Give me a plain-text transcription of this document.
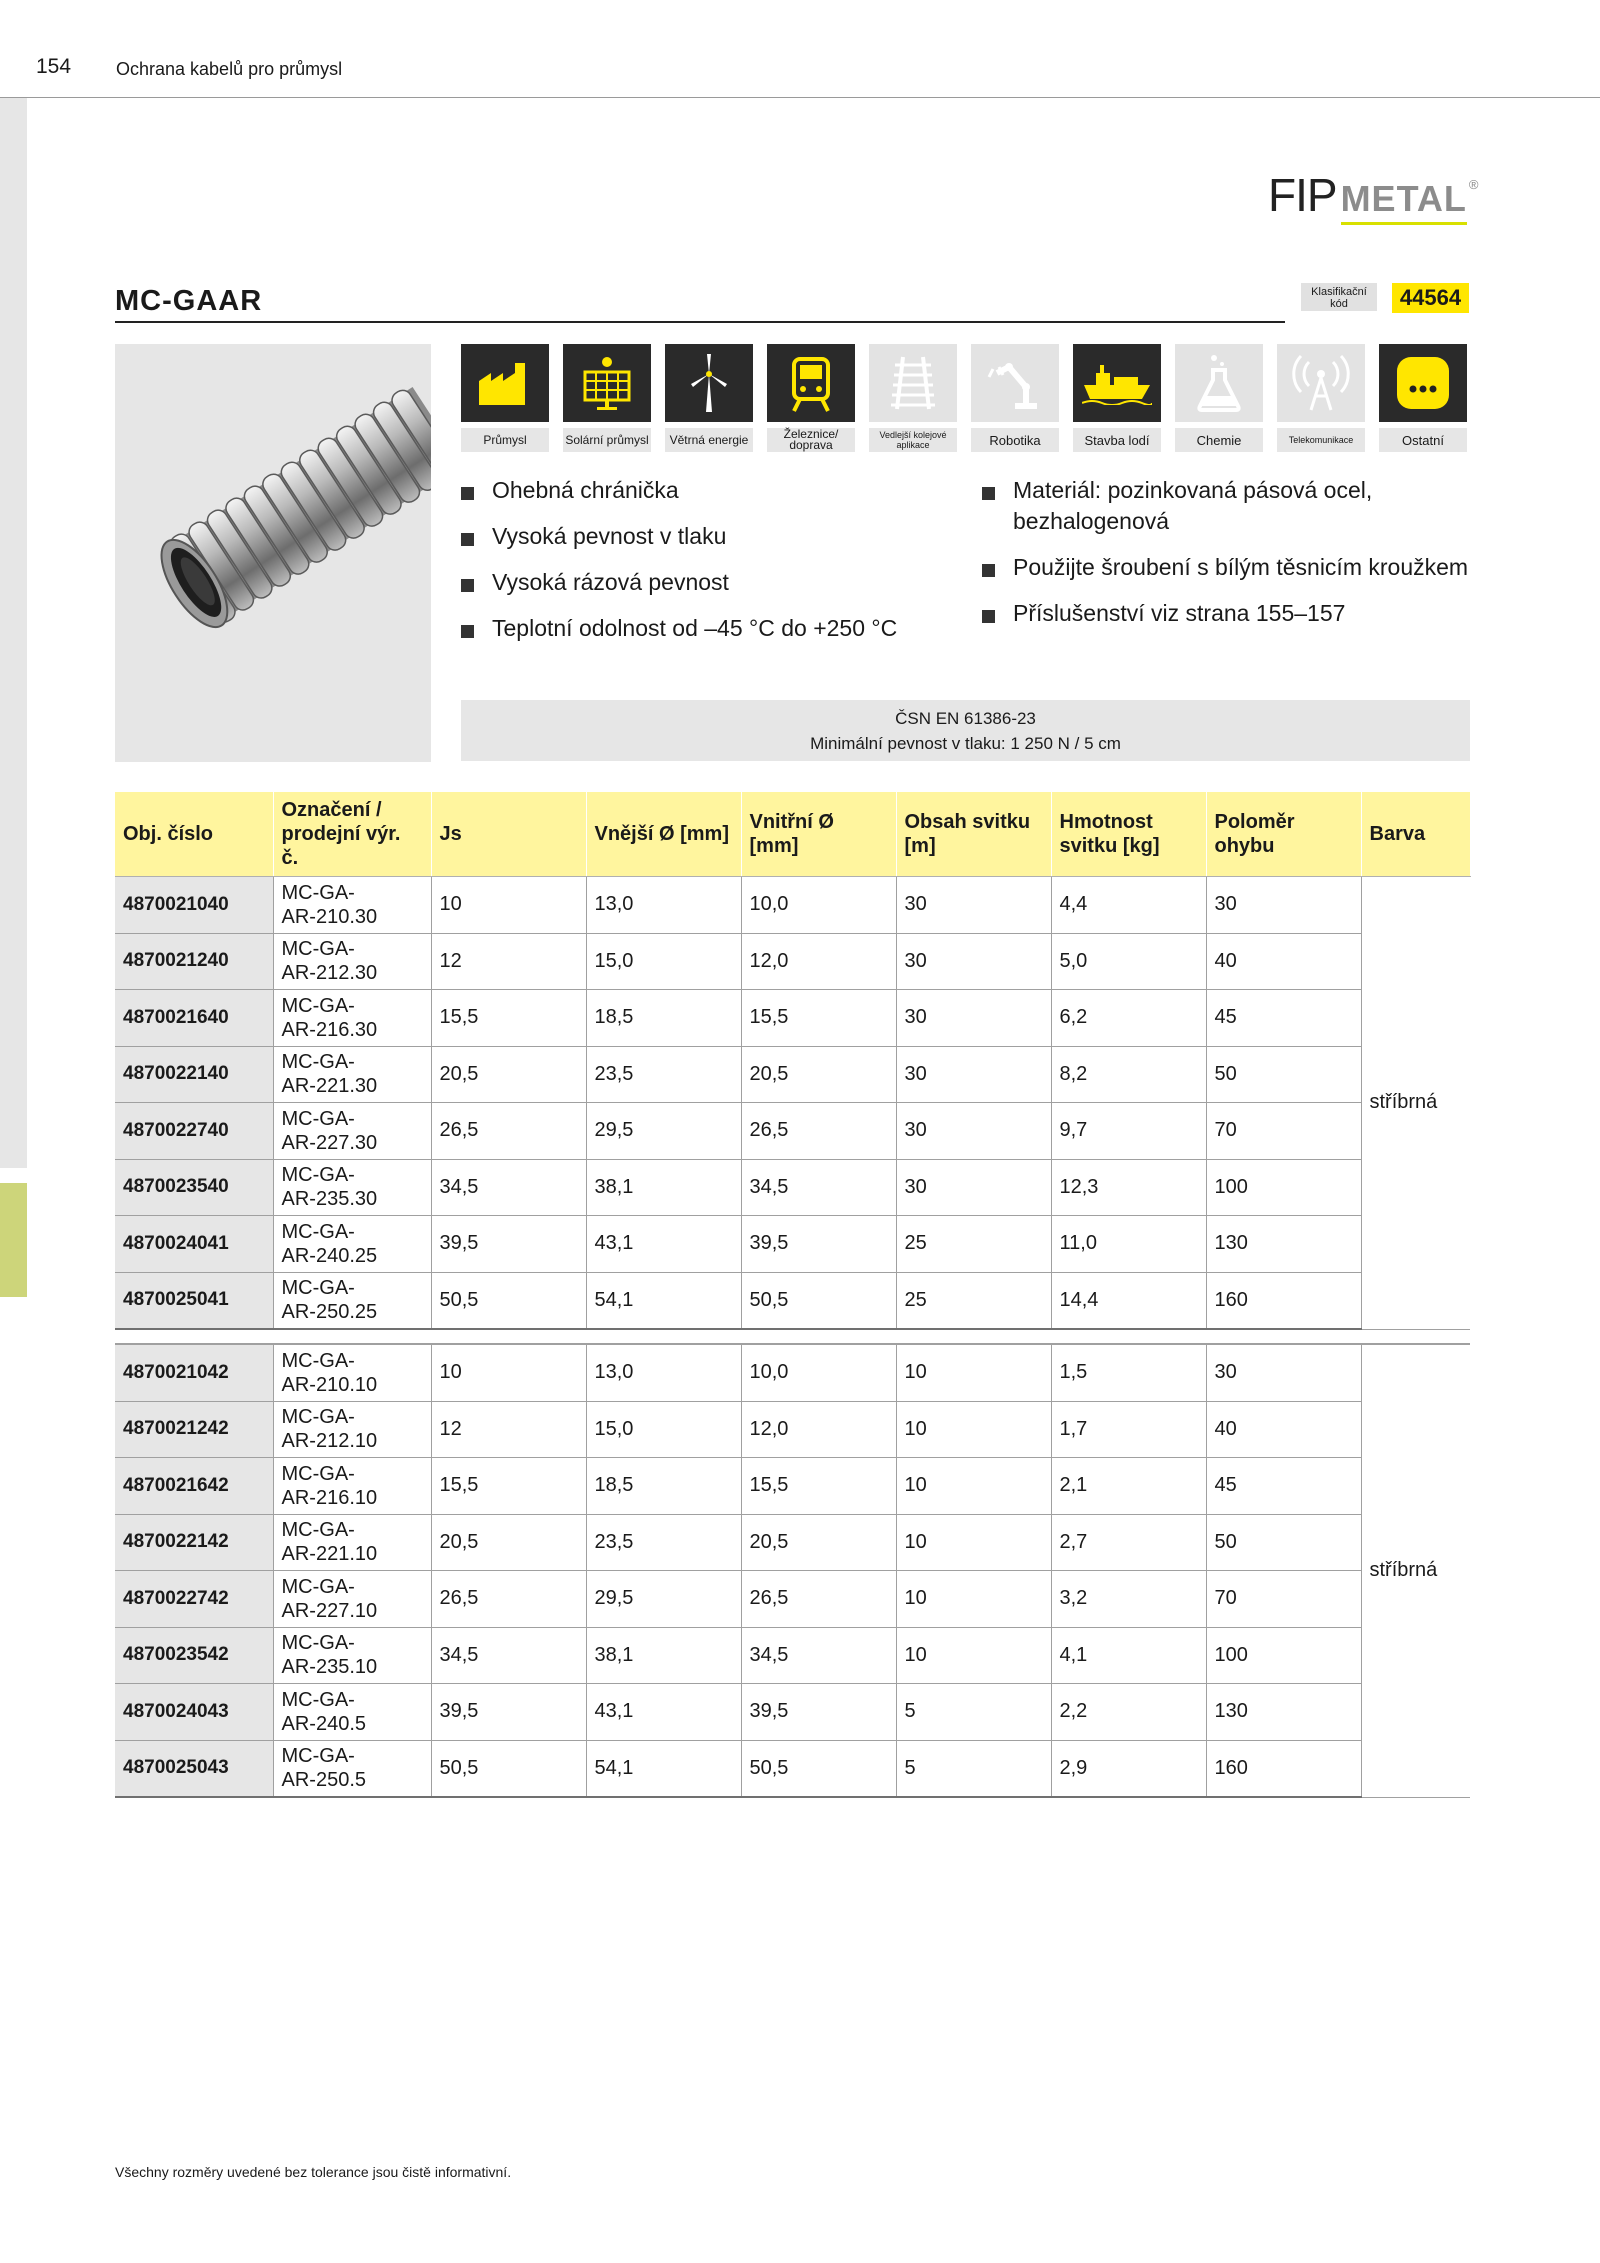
154 Ochrana kabelů pro průmysl
FIP METAL ®
MC-GAAR	Klasifikační kód	44564
Průmysl	Solární průmysl	Větrná energie	Železnice/ doprava
Vedlejší kolejové aplikace	Robotika	Stavba lodí	Chemie	Telekomunikace	Ostatní
Ohebná chránička
Vysoká pevnost v tlaku
Vysoká rázová pevnost
Teplotní odolnost od –45 °C do +250 °C
Materiál: pozinkovaná pásová ocel, bezhalogenová
Použijte šroubení s bílým těsnicím kroužkem
Příslušenství viz strana 155–157
ČSN EN 61386-23
Minimální pevnost v tlaku: 1 250 N / 5 cm
Obj. číslo	Označení / prodejní výr. č.	Js	Vnější Ø [mm]	Vnitřní Ø [mm]	Obsah svitku [m]	Hmotnost svitku [kg]	Poloměr ohybu	Barva
4870021040	MC-GA-
AR-210.30	10	13,0	10,0	30	4,4	30	stříbrná
4870021240	MC-GA-
AR-212.30	12	15,0	12,0	30	5,0	40	
4870021640	MC-GA-
AR-216.30	15,5	18,5	15,5	30	6,2	45	
4870022140	MC-GA-
AR-221.30	20,5	23,5	20,5	30	8,2	50	
4870022740	MC-GA-
AR-227.30	26,5	29,5	26,5	30	9,7	70	
4870023540	MC-GA-
AR-235.30	34,5	38,1	34,5	30	12,3	100	
4870024041	MC-GA-
AR-240.25	39,5	43,1	39,5	25	11,0	130	
4870025041	MC-GA-
AR-250.25	50,5	54,1	50,5	25	14,4	160	
4870021042	MC-GA-
AR-210.10	10	13,0	10,0	10	1,5	30	stříbrná
4870021242	MC-GA-
AR-212.10	12	15,0	12,0	10	1,7	40	
4870021642	MC-GA-
AR-216.10	15,5	18,5	15,5	10	2,1	45	
4870022142	MC-GA-
AR-221.10	20,5	23,5	20,5	10	2,7	50	
4870022742	MC-GA-
AR-227.10	26,5	29,5	26,5	10	3,2	70	
4870023542	MC-GA-
AR-235.10	34,5	38,1	34,5	10	4,1	100	
4870024043	MC-GA-
AR-240.5	39,5	43,1	39,5	5	2,2	130	
4870025043	MC-GA-
AR-250.5	50,5	54,1	50,5	5	2,9	160	
Všechny rozměry uvedené bez tolerance jsou čistě informativní.
